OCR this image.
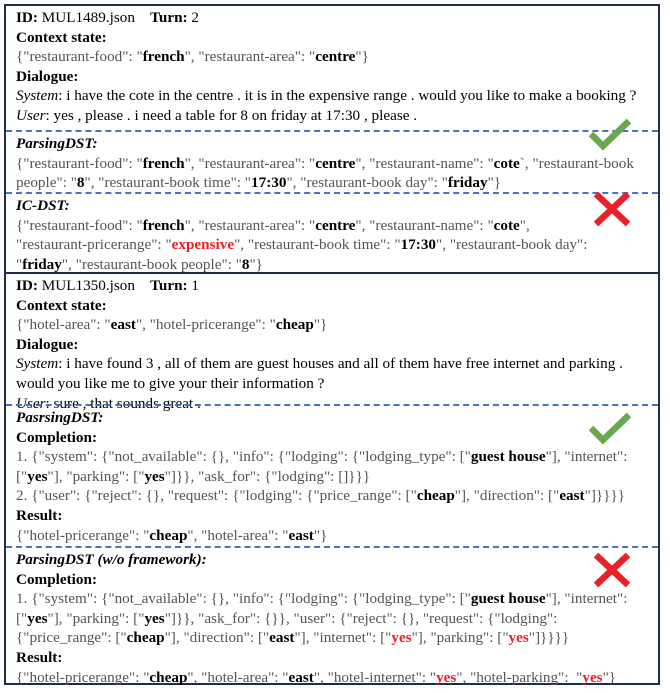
ID: MUL1489.json Turn: 2
Context state:
{"restaurant-food": "french", "restaurant-area": "centre"}
Dialogue:
System: i have the cote in the centre . it is in the expensive range . would you like to make a booking ?
User: yes , please . i need a table for 8 on friday at 17:30 , please .
ParsingDST:
{"restaurant-food": "french", "restaurant-area": "centre", "restaurant-name": "cote`, "restaurant-book
people": "8", "restaurant-book time": "17:30", "restaurant-book day": "friday"}
IC-DST:
{"restaurant-food": "french", "restaurant-area": "centre", "restaurant-name": "cote",
"restaurant-pricerange": "expensive", "restaurant-book time": "17:30", "restaurant-book day":
"friday", "restaurant-book people": "8"}
ID: MUL1350.json Turn: 1
Context state:
{"hotel-area": "east", "hotel-pricerange": "cheap"}
Dialogue:
System: i have found 3 , all of them are guest houses and all of them have free internet and parking . would you like me to give your their information ?
User: sure , that sounds great .
PasrsingDST:
Completion:
1. {"system": {"not_available": {}, "info": {"lodging": {"lodging_type": ["guest house"], "internet":
["yes"], "parking": ["yes"]}}, "ask_for": {"lodging": []}}}
2. {"user": {"reject": {}, "request": {"lodging": {"price_range": ["cheap"], "direction": ["east"]}}}}
Result:
{"hotel-pricerange": "cheap", "hotel-area": "east"}
ParsingDST (w/o framework):
Completion:
1. {"system": {"not_available": {}, "info": {"lodging": {"lodging_type": ["guest house"], "internet":
["yes"], "parking": ["yes"]}}, "ask_for": {}}, "user": {"reject": {}, "request": {"lodging":
{"price_range": ["cheap"], "direction": ["east"], "internet": ["yes"], "parking": ["yes"]}}}}
Result:
{"hotel-pricerange": "cheap", "hotel-area": "east", "hotel-internet": "yes", "hotel-parking":  "yes"}
